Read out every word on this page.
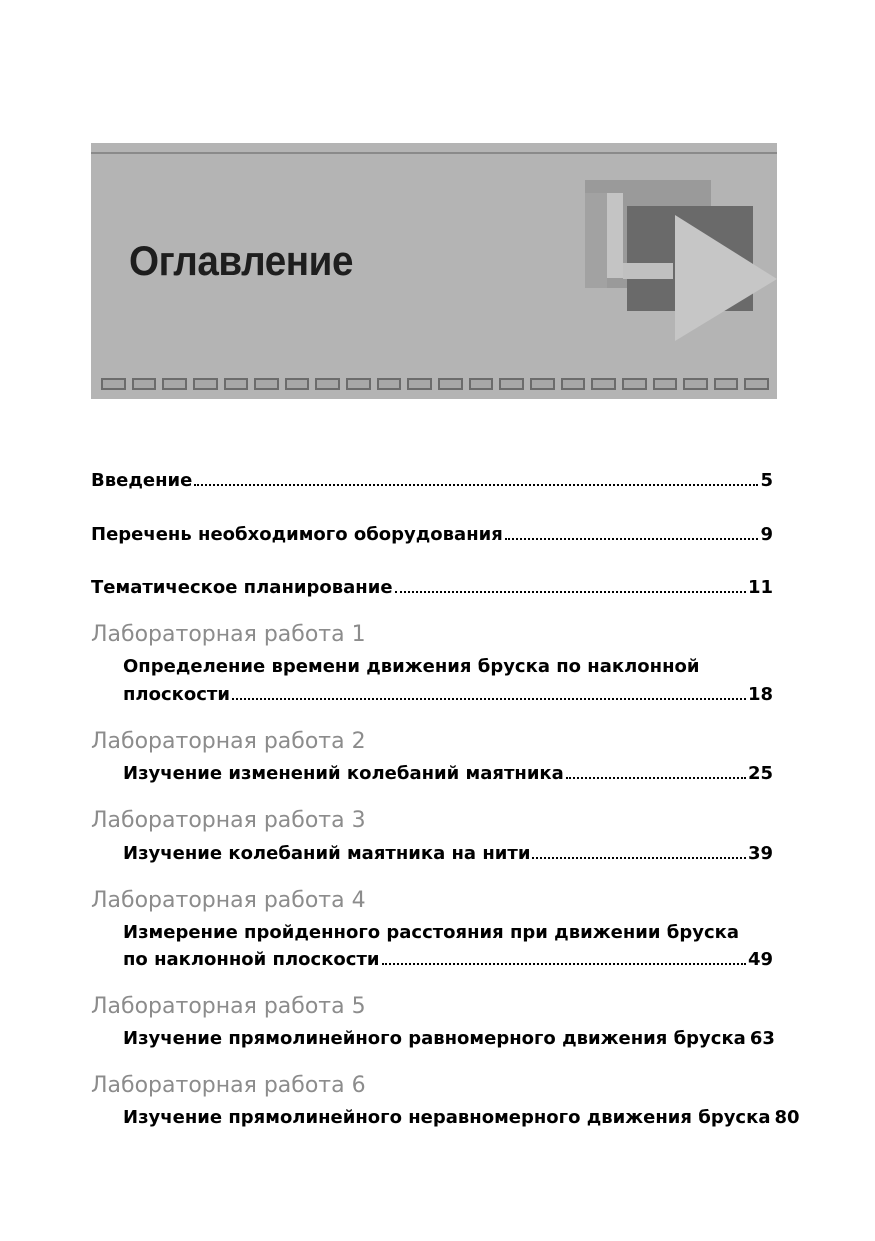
Оглавление
Введение	5
Перечень необходимого оборудования	9
Тематическое планирование	11
Лабораторная работа 1
Определение времени движения бруска по наклонной
плоскости	18
Лабораторная работа 2
Изучение изменений колебаний маятника	25
Лабораторная работа 3
Изучение колебаний маятника на нити	39
Лабораторная работа 4
Измерение пройденного расстояния при движении бруска
по наклонной плоскости	49
Лабораторная работа 5
Изучение прямолинейного равномерного движения бруска 63
Лабораторная работа 6
Изучение прямолинейного неравномерного движения бруска 80
